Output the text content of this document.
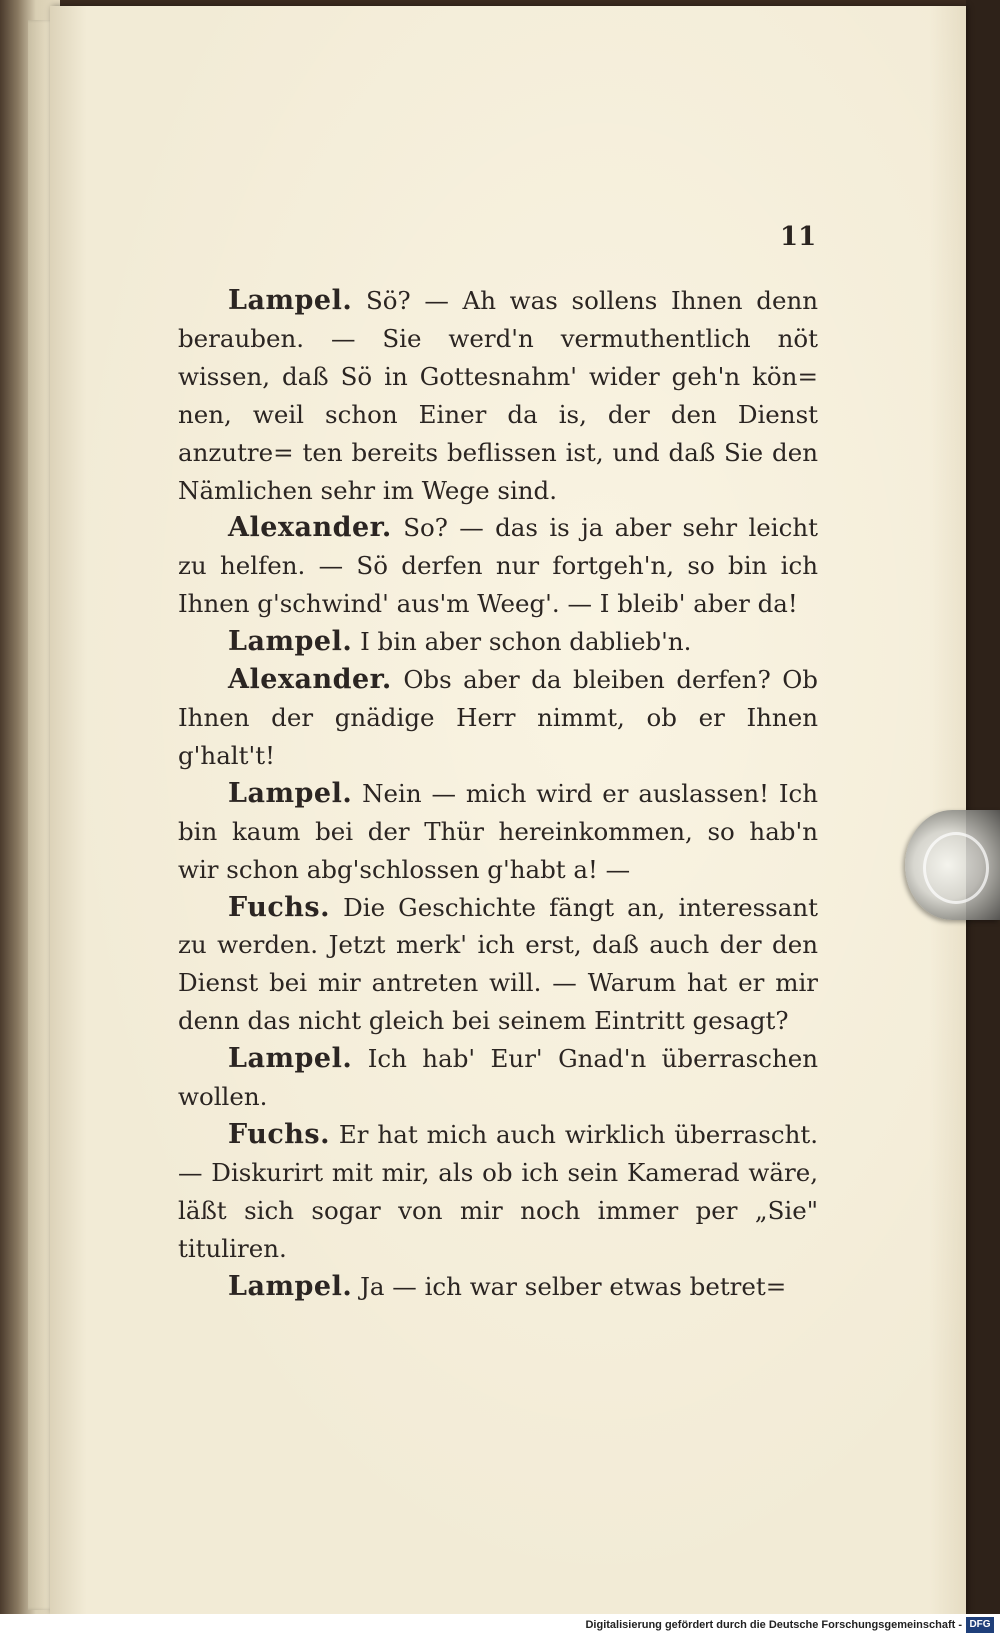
11

Lampel. Sö? — Ah was sollens Ihnen denn berauben. — Sie werd'n vermuthentlich nöt wissen, daß Sö in Gottesnahm' wider geh'n kön= nen, weil schon Einer da is, der den Dienst anzutre= ten bereits beflissen ist, und daß Sie den Nämlichen sehr im Wege sind.

Alexander. So? — das is ja aber sehr leicht zu helfen. — Sö derfen nur fortgeh'n, so bin ich Ihnen g'schwind' aus'm Weeg'. — I bleib' aber da!

Lampel. I bin aber schon dablieb'n.

Alexander. Obs aber da bleiben derfen? Ob Ihnen der gnädige Herr nimmt, ob er Ihnen g'halt't!

Lampel. Nein — mich wird er auslassen! Ich bin kaum bei der Thür hereinkommen, so hab'n wir schon abg'schlossen g'habt a! —

Fuchs. Die Geschichte fängt an, interessant zu werden. Jetzt merk' ich erst, daß auch der den Dienst bei mir antreten will. — Warum hat er mir denn das nicht gleich bei seinem Eintritt gesagt?

Lampel. Ich hab' Eur' Gnad'n überraschen wollen.

Fuchs. Er hat mich auch wirklich überrascht. — Diskurirt mit mir, als ob ich sein Kamerad wäre, läßt sich sogar von mir noch immer per „Sie" tituliren.

Lampel. Ja — ich war selber etwas betret=

Digitalisierung gefördert durch die Deutsche Forschungsgemeinschaft - DFG
